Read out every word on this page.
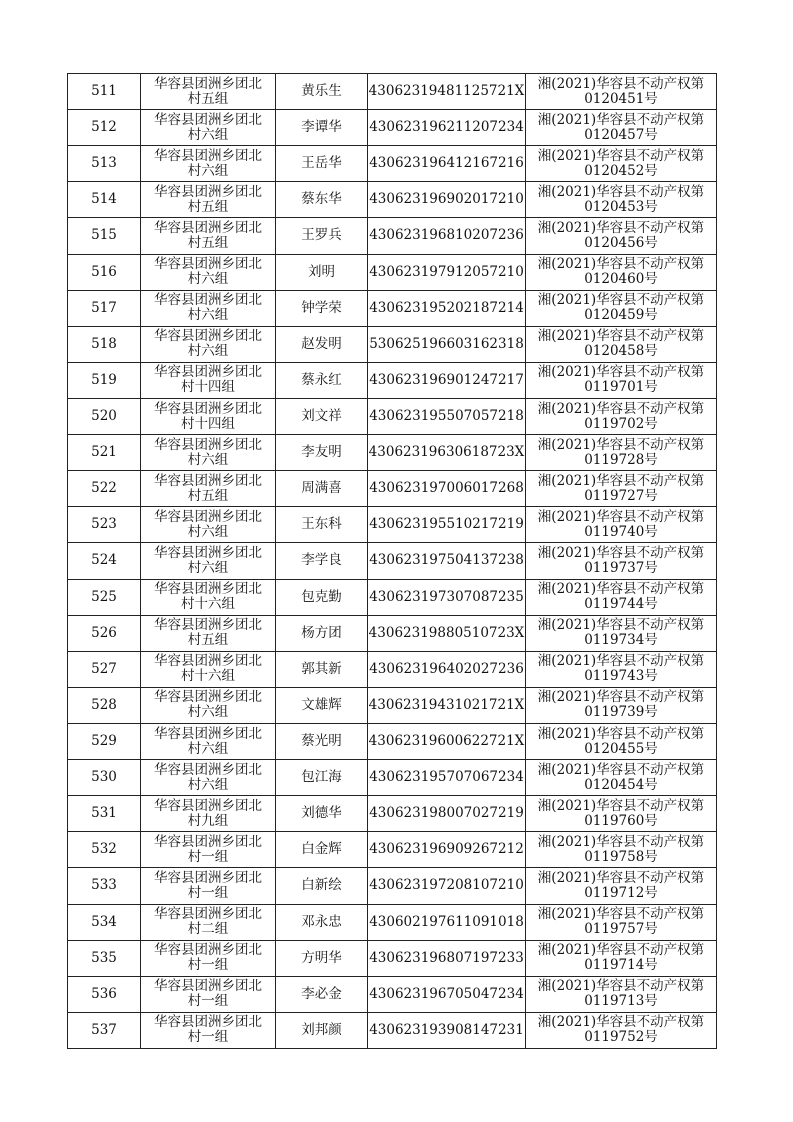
511	华容县团洲乡团北
村五组	黄乐生	43062319481125721X	湘(2021)华容县不动产权第
0120451号

512	华容县团洲乡团北
村六组	李谭华	430623196211207234	湘(2021)华容县不动产权第
0120457号

513	华容县团洲乡团北
村六组	王岳华	430623196412167216	湘(2021)华容县不动产权第
0120452号

514	华容县团洲乡团北
村五组	蔡东华	430623196902017210	湘(2021)华容县不动产权第
0120453号

515	华容县团洲乡团北
村五组	王罗兵	430623196810207236	湘(2021)华容县不动产权第
0120456号

516	华容县团洲乡团北
村六组	刘明	430623197912057210	湘(2021)华容县不动产权第
0120460号

517	华容县团洲乡团北
村六组	钟学荣	430623195202187214	湘(2021)华容县不动产权第
0120459号

518	华容县团洲乡团北
村六组	赵发明	530625196603162318	湘(2021)华容县不动产权第
0120458号

519	华容县团洲乡团北
村十四组	蔡永红	430623196901247217	湘(2021)华容县不动产权第
0119701号

520	华容县团洲乡团北
村十四组	刘文祥	430623195507057218	湘(2021)华容县不动产权第
0119702号

521	华容县团洲乡团北
村六组	李友明	43062319630618723X	湘(2021)华容县不动产权第
0119728号

522	华容县团洲乡团北
村五组	周满喜	430623197006017268	湘(2021)华容县不动产权第
0119727号

523	华容县团洲乡团北
村六组	王东科	430623195510217219	湘(2021)华容县不动产权第
0119740号

524	华容县团洲乡团北
村六组	李学良	430623197504137238	湘(2021)华容县不动产权第
0119737号

525	华容县团洲乡团北
村十六组	包克勤	430623197307087235	湘(2021)华容县不动产权第
0119744号

526	华容县团洲乡团北
村五组	杨方团	43062319880510723X	湘(2021)华容县不动产权第
0119734号

527	华容县团洲乡团北
村十六组	郭其新	430623196402027236	湘(2021)华容县不动产权第
0119743号

528	华容县团洲乡团北
村六组	文雄辉	43062319431021721X	湘(2021)华容县不动产权第
0119739号

529	华容县团洲乡团北
村六组	蔡光明	43062319600622721X	湘(2021)华容县不动产权第
0120455号

530	华容县团洲乡团北
村六组	包江海	430623195707067234	湘(2021)华容县不动产权第
0120454号

531	华容县团洲乡团北
村九组	刘德华	430623198007027219	湘(2021)华容县不动产权第
0119760号

532	华容县团洲乡团北
村一组	白金辉	430623196909267212	湘(2021)华容县不动产权第
0119758号

533	华容县团洲乡团北
村一组	白新绘	430623197208107210	湘(2021)华容县不动产权第
0119712号

534	华容县团洲乡团北
村二组	邓永忠	430602197611091018	湘(2021)华容县不动产权第
0119757号

535	华容县团洲乡团北
村一组	方明华	430623196807197233	湘(2021)华容县不动产权第
0119714号

536	华容县团洲乡团北
村一组	李必金	430623196705047234	湘(2021)华容县不动产权第
0119713号

537	华容县团洲乡团北
村一组	刘邦颜	430623193908147231	湘(2021)华容县不动产权第
0119752号
